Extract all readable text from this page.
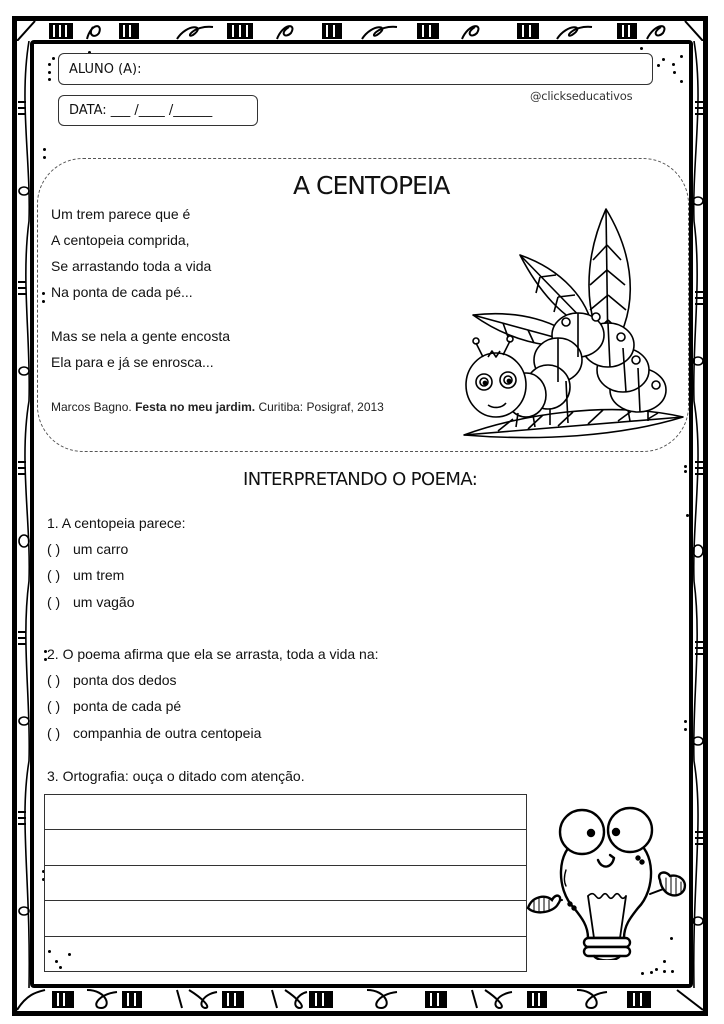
ALUNO (A):
DATA: ___ /____ /______
@clickseducativos
A CENTOPEIA
Um trem parece que é
A centopeia comprida,
Se arrastando toda a vida
Na ponta de cada pé...
Mas se nela a gente encosta
Ela para e já se enrosca...
Marcos Bagno. Festa no meu jardim. Curitiba: Posigraf, 2013
INTERPRETANDO O POEMA:
1. A centopeia parece:
( ) um carro
( ) um trem
( ) um vagão
2. O poema afirma que ela se arrasta, toda a vida na:
( ) ponta dos dedos
( ) ponta de cada pé
( ) companhia de outra centopeia
3. Ortografia: ouça o ditado com atenção.
